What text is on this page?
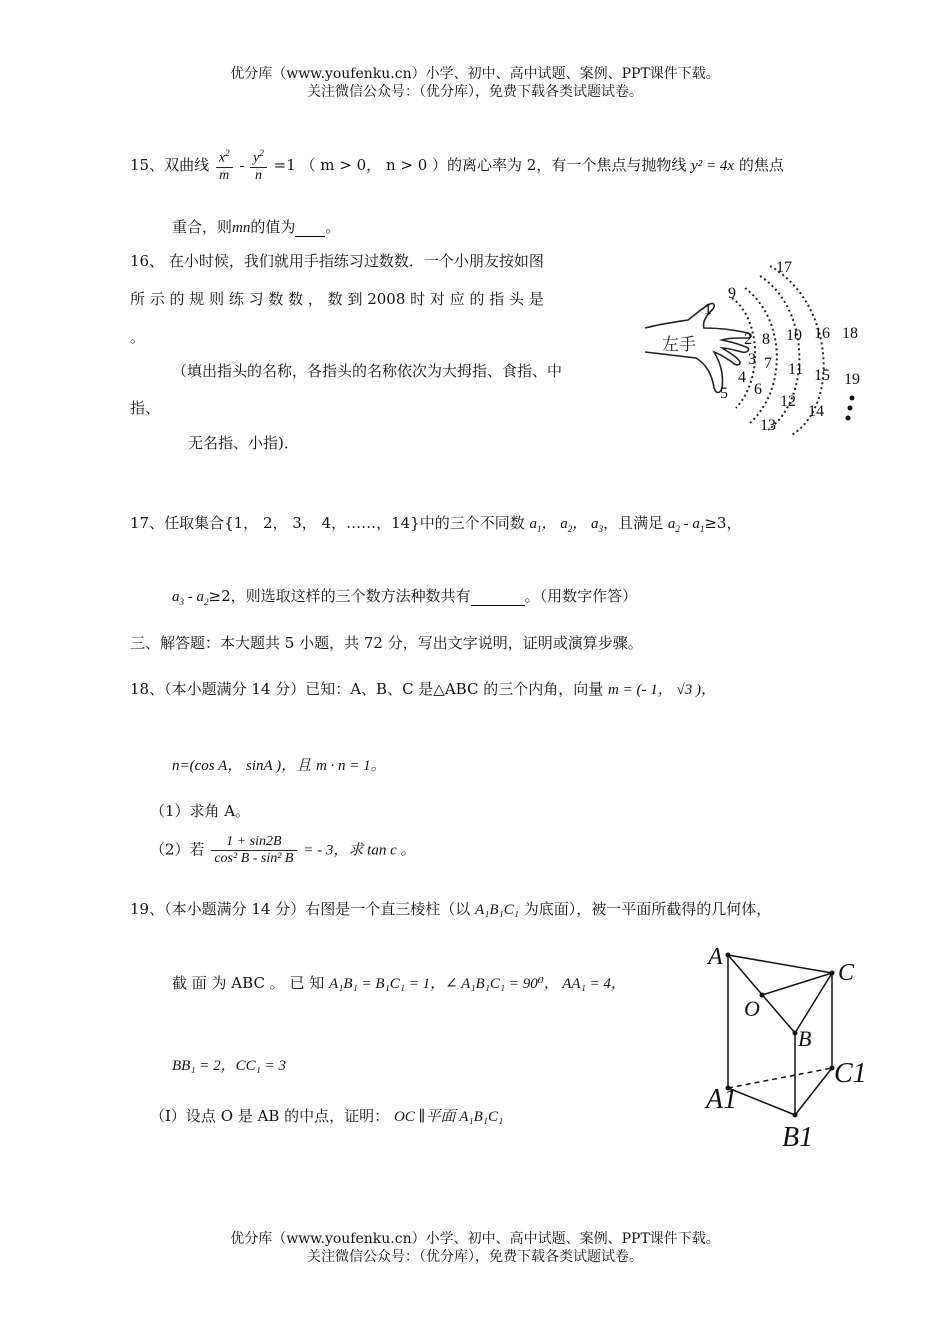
优分库（www.youfenku.cn）小学、初中、高中试题、案例、PPT课件下载。
关注微信公众号：（优分库），免费下载各类试题试卷。
15、双曲线 $\frac{x^2}{m} - \frac{y^2}{n} =1$ （ m > 0， n > 0 ）的离心率为 2，有一个焦点与抛物线 y² = 4x 的焦点
重合，则mn的值为 。
16、 在小时候，我们就用手指练习过数数．一个小朋友按如图
所 示 的 规 则 练 习 数 数 ， 数 到 2008 时 对 应 的 指 头 是
。
（填出指头的名称，各指头的名称依次为大拇指、食指、中
指、
无名指、小指)．
左手
1
2
3
4
5 6
7
8
9
10
11
12
13
14
15
16
17
18
19
17、任取集合{1， 2， 3， 4，……，14}中的三个不同数 $a_1$， $a_2$， $a_3$，且满足 $a_2 - a_1\ge 3$，
$a_3 - a_2\ge 2$，则选取这样的三个数方法种数共有	。（用数字作答）
三、解答题：本大题共 5 小题，共 72 分，写出文字说明，证明或演算步骤。
18、（本小题满分 14 分）已知：A、B、C 是△ABC 的三个内角，向量 m = (- 1， √3 )，
n=(cos A， sinA )，且 m · n = 1。
（1）求角 A。
（2）若 $\frac{1 + \sin 2B}{\text{cos² B - sin² B}}$ = - 3，求 tan c 。
19、（本小题满分 14 分）右图是一个直三棱柱（以 A₁B₁C₁ 为底面），被一平面所截得的几何体，
截 面 为 ABC 。 已 知 A₁B₁ = B₁C₁ = 1，∠ A₁B₁C₁ = 90⁰， AA₁ = 4，
BB₁ = 2，CC₁ = 3
（I）设点 O 是 AB 的中点，证明： OC ∥平面 A₁B₁C₁
A
C
O
B
C1
A1
B1
优分库（www.youfenku.cn）小学、初中、高中试题、案例、PPT课件下载。
关注微信公众号：（优分库），免费下载各类试题试卷。
